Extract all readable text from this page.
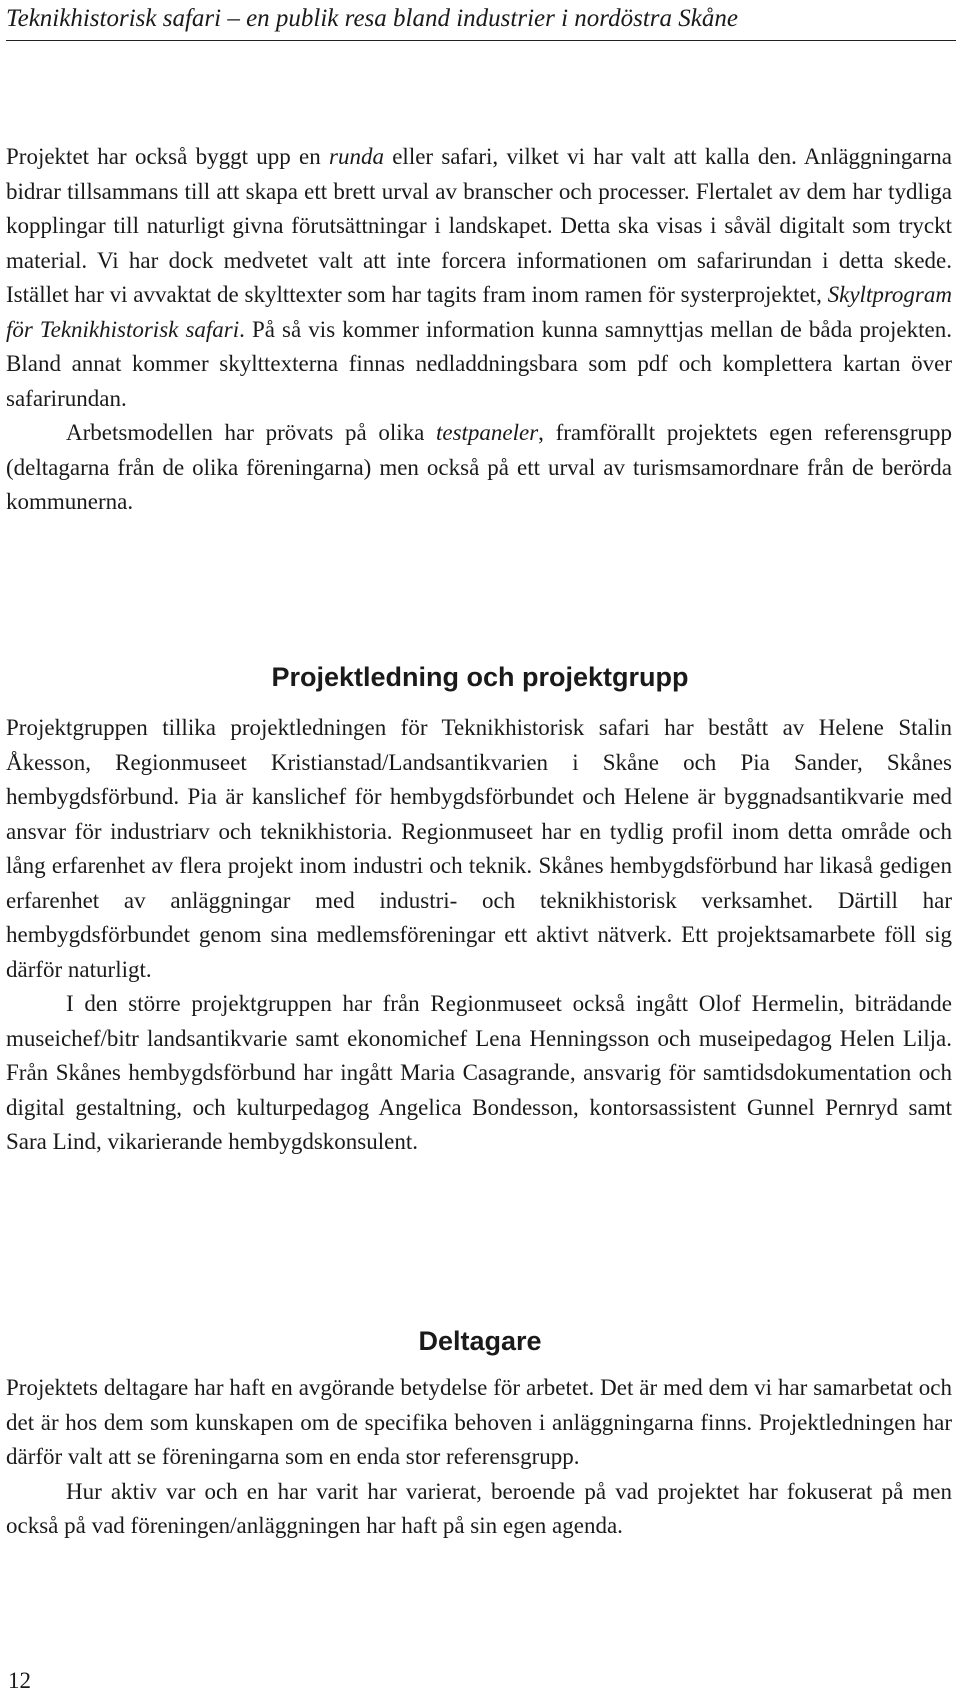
Teknikhistorisk safari – en publik resa bland industrier i nordöstra Skåne

Projektet har också byggt upp en runda eller safari, vilket vi har valt att kalla den. Anläggningarna bidrar tillsammans till att skapa ett brett urval av branscher och processer. Flertalet av dem har tydliga kopplingar till naturligt givna förutsättningar i landskapet. Detta ska visas i såväl digitalt som tryckt material. Vi har dock medvetet valt att inte forcera informationen om safarirundan i detta skede. Istället har vi avvaktat de skylttexter som har tagits fram inom ramen för systerprojektet, Skyltprogram för Teknikhistorisk safari. På så vis kommer information kunna samnyttjas mellan de båda projekten. Bland annat kommer skylttexterna finnas nedladdningsbara som pdf och komplettera kartan över safarirundan.

Arbetsmodellen har prövats på olika testpaneler, framförallt projektets egen referensgrupp (deltagarna från de olika föreningarna) men också på ett urval av turismsamordnare från de berörda kommunerna.

Projektledning och projektgrupp

Projektgruppen tillika projektledningen för Teknikhistorisk safari har bestått av Helene Stalin Åkesson, Regionmuseet Kristianstad/Landsantikvarien i Skåne och Pia Sander, Skånes hembygdsförbund. Pia är kanslichef för hembygdsförbundet och Helene är byggnadsantikvarie med ansvar för industriarv och teknikhistoria. Regionmuseet har en tydlig profil inom detta område och lång erfarenhet av flera projekt inom industri och teknik. Skånes hembygdsförbund har likaså gedigen erfarenhet av anläggningar med industri- och teknikhistorisk verksamhet. Därtill har hembygdsförbundet genom sina medlemsföreningar ett aktivt nätverk. Ett projektsamarbete föll sig därför naturligt.

I den större projektgruppen har från Regionmuseet också ingått Olof Hermelin, biträdande museichef/bitr landsantikvarie samt ekonomichef Lena Henningsson och museipedagog Helen Lilja. Från Skånes hembygdsförbund har ingått Maria Casagrande, ansvarig för samtidsdokumentation och digital gestaltning, och kulturpedagog Angelica Bondesson, kontorsassistent Gunnel Pernryd samt Sara Lind, vikarierande hembygdskonsulent.

Deltagare

Projektets deltagare har haft en avgörande betydelse för arbetet. Det är med dem vi har samarbetat och det är hos dem som kunskapen om de specifika behoven i anläggningarna finns. Projektledningen har därför valt att se föreningarna som en enda stor referensgrupp.

Hur aktiv var och en har varit har varierat, beroende på vad projektet har fokuserat på men också på vad föreningen/anläggningen har haft på sin egen agenda.

12
